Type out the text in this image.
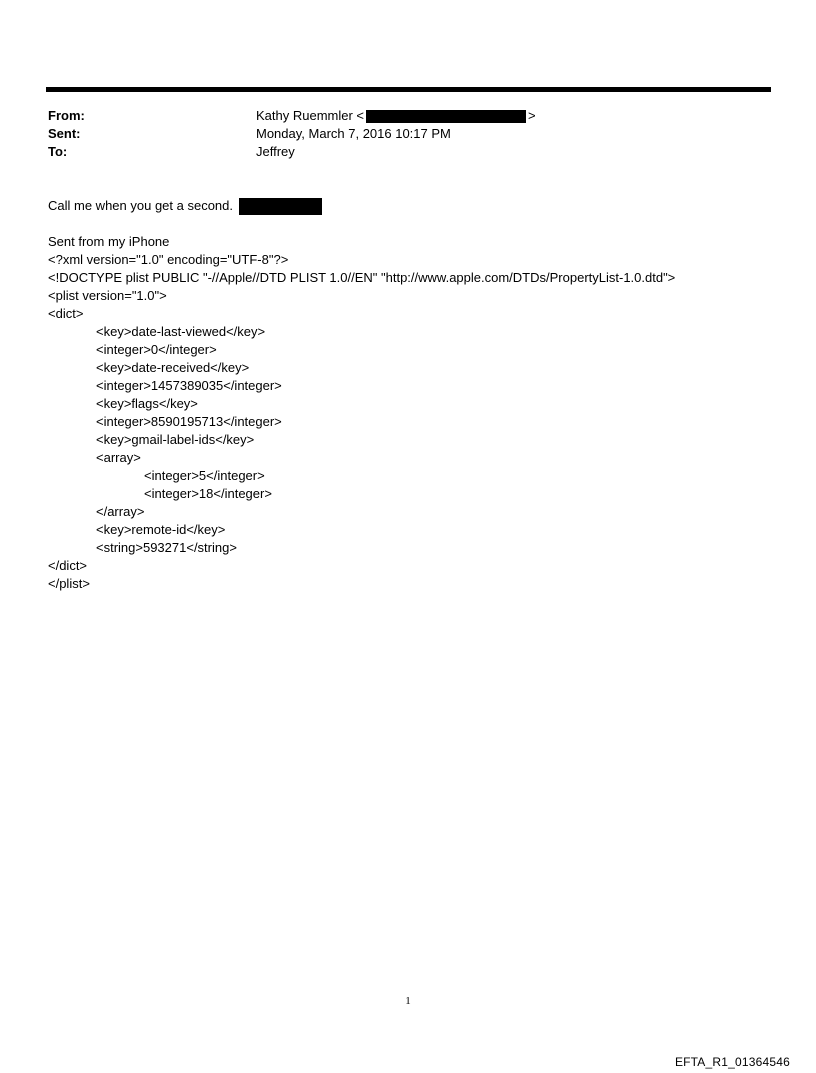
From:	Kathy Ruemmler <	>
Sent:	Monday, March 7, 2016 10:17 PM
To:	Jeffrey
Call me when you get a second.
Sent from my iPhone
<?xml version="1.0" encoding="UTF-8"?>
<!DOCTYPE plist PUBLIC "-//Apple//DTD PLIST 1.0//EN" "http://www.apple.com/DTDs/PropertyList-1.0.dtd">
<plist version="1.0">
<dict>
<key>date-last-viewed</key>
<integer>0</integer>
<key>date-received</key>
<integer>1457389035</integer>
<key>flags</key>
<integer>8590195713</integer>
<key>gmail-label-ids</key>
<array>
<integer>5</integer>
<integer>18</integer>
</array>
<key>remote-id</key>
<string>593271</string>
</dict>
</plist>
1
EFTA_R1_01364546
